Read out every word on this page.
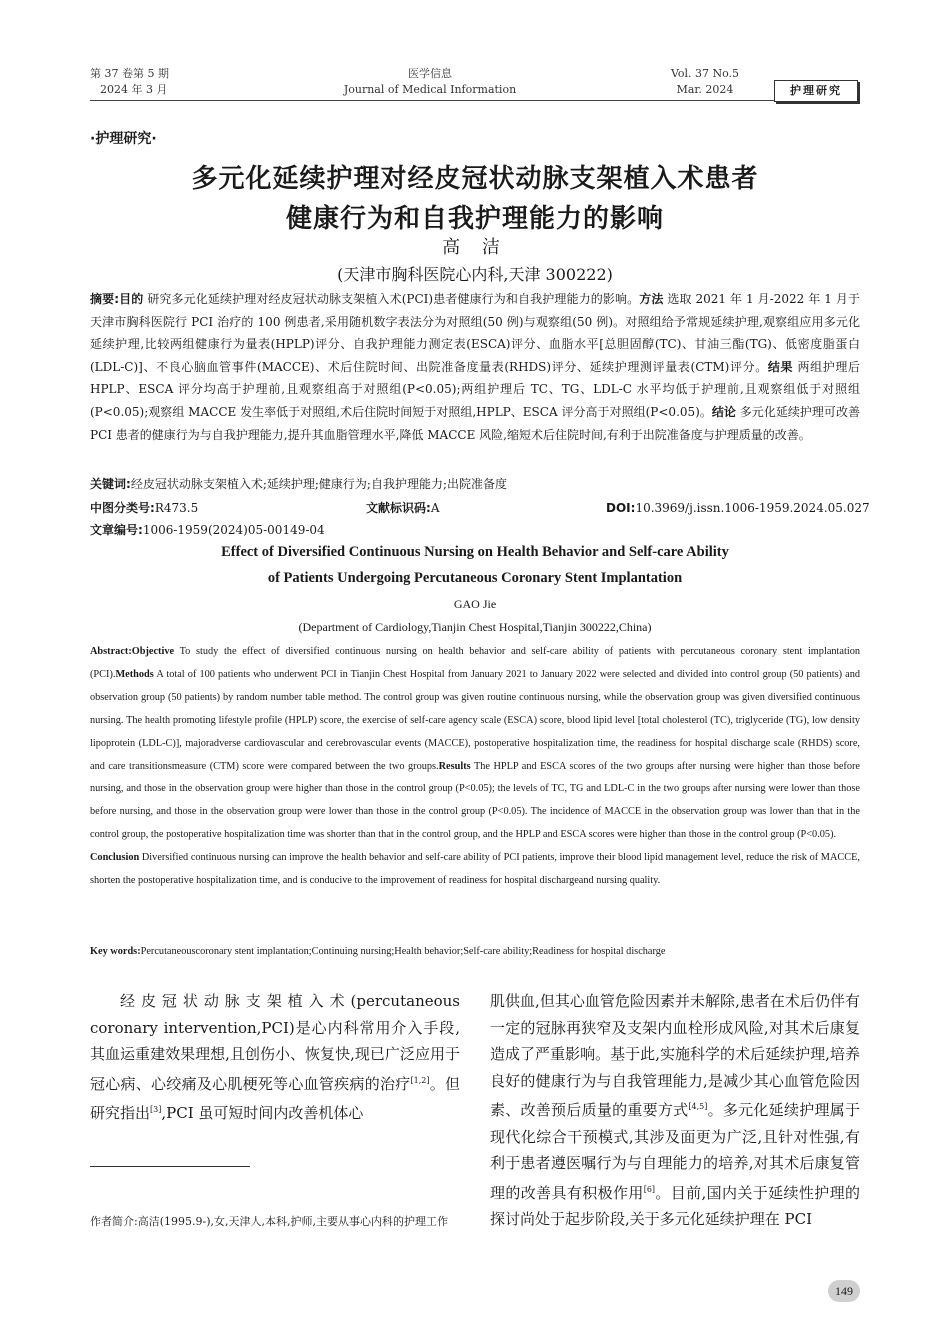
第 37 卷第 5 期
2024 年 3 月
医学信息
Journal of Medical Information
Vol. 37 No.5
Mar. 2024	护理研究
·护理研究·
多元化延续护理对经皮冠状动脉支架植入术患者
健康行为和自我护理能力的影响
高 洁
(天津市胸科医院心内科,天津 300222)
摘要:目的 研究多元化延续护理对经皮冠状动脉支架植入术(PCI)患者健康行为和自我护理能力的影响。方法 选取 2021 年 1 月-2022 年 1 月于天津市胸科医院行 PCI 治疗的 100 例患者,采用随机数字表法分为对照组(50 例)与观察组(50 例)。对照组给予常规延续护理,观察组应用多元化延续护理,比较两组健康行为量表(HPLP)评分、自我护理能力测定表(ESCA)评分、血脂水平[总胆固醇(TC)、甘油三酯(TG)、低密度脂蛋白(LDL-C)]、不良心脑血管事件(MACCE)、术后住院时间、出院准备度量表(RHDS)评分、延续护理测评量表(CTM)评分。结果 两组护理后 HPLP、ESCA 评分均高于护理前,且观察组高于对照组(P<0.05);两组护理后 TC、TG、LDL-C 水平均低于护理前,且观察组低于对照组(P<0.05);观察组 MACCE 发生率低于对照组,术后住院时间短于对照组,HPLP、ESCA 评分高于对照组(P<0.05)。结论 多元化延续护理可改善 PCI 患者的健康行为与自我护理能力,提升其血脂管理水平,降低 MACCE 风险,缩短术后住院时间,有利于出院准备度与护理质量的改善。
关键词:经皮冠状动脉支架植入术;延续护理;健康行为;自我护理能力;出院准备度
中图分类号:R473.5	文献标识码:A	DOI:10.3969/j.issn.1006-1959.2024.05.027
文章编号:1006-1959(2024)05-00149-04
Effect of Diversified Continuous Nursing on Health Behavior and Self-care Ability
of Patients Undergoing Percutaneous Coronary Stent Implantation
GAO Jie
(Department of Cardiology,Tianjin Chest Hospital,Tianjin 300222,China)
Abstract:Objective To study the effect of diversified continuous nursing on health behavior and self-care ability of patients with percutaneous coronary stent implantation (PCI).Methods A total of 100 patients who underwent PCI in Tianjin Chest Hospital from January 2021 to January 2022 were selected and divided into control group (50 patients) and observation group (50 patients) by random number table method. The control group was given routine continuous nursing, while the observation group was given diversified continuous nursing. The health promoting lifestyle profile (HPLP) score, the exercise of self-care agency scale (ESCA) score, blood lipid level [total cholesterol (TC), triglyceride (TG), low density lipoprotein (LDL-C)], majoradverse cardiovascular and cerebrovascular events (MACCE), postoperative hospitalization time, the readiness for hospital discharge scale (RHDS) score, and care transitionsmeasure (CTM) score were compared between the two groups.Results The HPLP and ESCA scores of the two groups after nursing were higher than those before nursing, and those in the observation group were higher than those in the control group (P<0.05); the levels of TC, TG and LDL-C in the two groups after nursing were lower than those before nursing, and those in the observation group were lower than those in the control group (P<0.05). The incidence of MACCE in the observation group was lower than that in the control group, the postoperative hospitalization time was shorter than that in the control group, and the HPLP and ESCA scores were higher than those in the control group (P<0.05).
Conclusion Diversified continuous nursing can improve the health behavior and self-care ability of PCI patients, improve their blood lipid management level, reduce the risk of MACCE, shorten the postoperative hospitalization time, and is conducive to the improvement of readiness for hospital dischargeand nursing quality.
Key words:Percutaneouscoronary stent implantation;Continuing nursing;Health behavior;Self-care ability;Readiness for hospital discharge
经皮冠状动脉支架植入术(percutaneous coronary intervention,PCI)是心内科常用介入手段,其血运重建效果理想,且创伤小、恢复快,现已广泛应用于冠心病、心绞痛及心肌梗死等心血管疾病的治疗[1,2]。但研究指出[3],PCI 虽可短时间内改善机体心
肌供血,但其心血管危险因素并未解除,患者在术后仍伴有一定的冠脉再狭窄及支架内血栓形成风险,对其术后康复造成了严重影响。基于此,实施科学的术后延续护理,培养良好的健康行为与自我管理能力,是减少其心血管危险因素、改善预后质量的重要方式[4,5]。多元化延续护理属于现代化综合干预模式,其涉及面更为广泛,且针对性强,有利于患者遵医嘱行为与自理能力的培养,对其术后康复管理的改善具有积极作用[6]。目前,国内关于延续性护理的探讨尚处于起步阶段,关于多元化延续护理在 PCI
作者简介:高洁(1995.9-),女,天津人,本科,护师,主要从事心内科的护理工作
149
